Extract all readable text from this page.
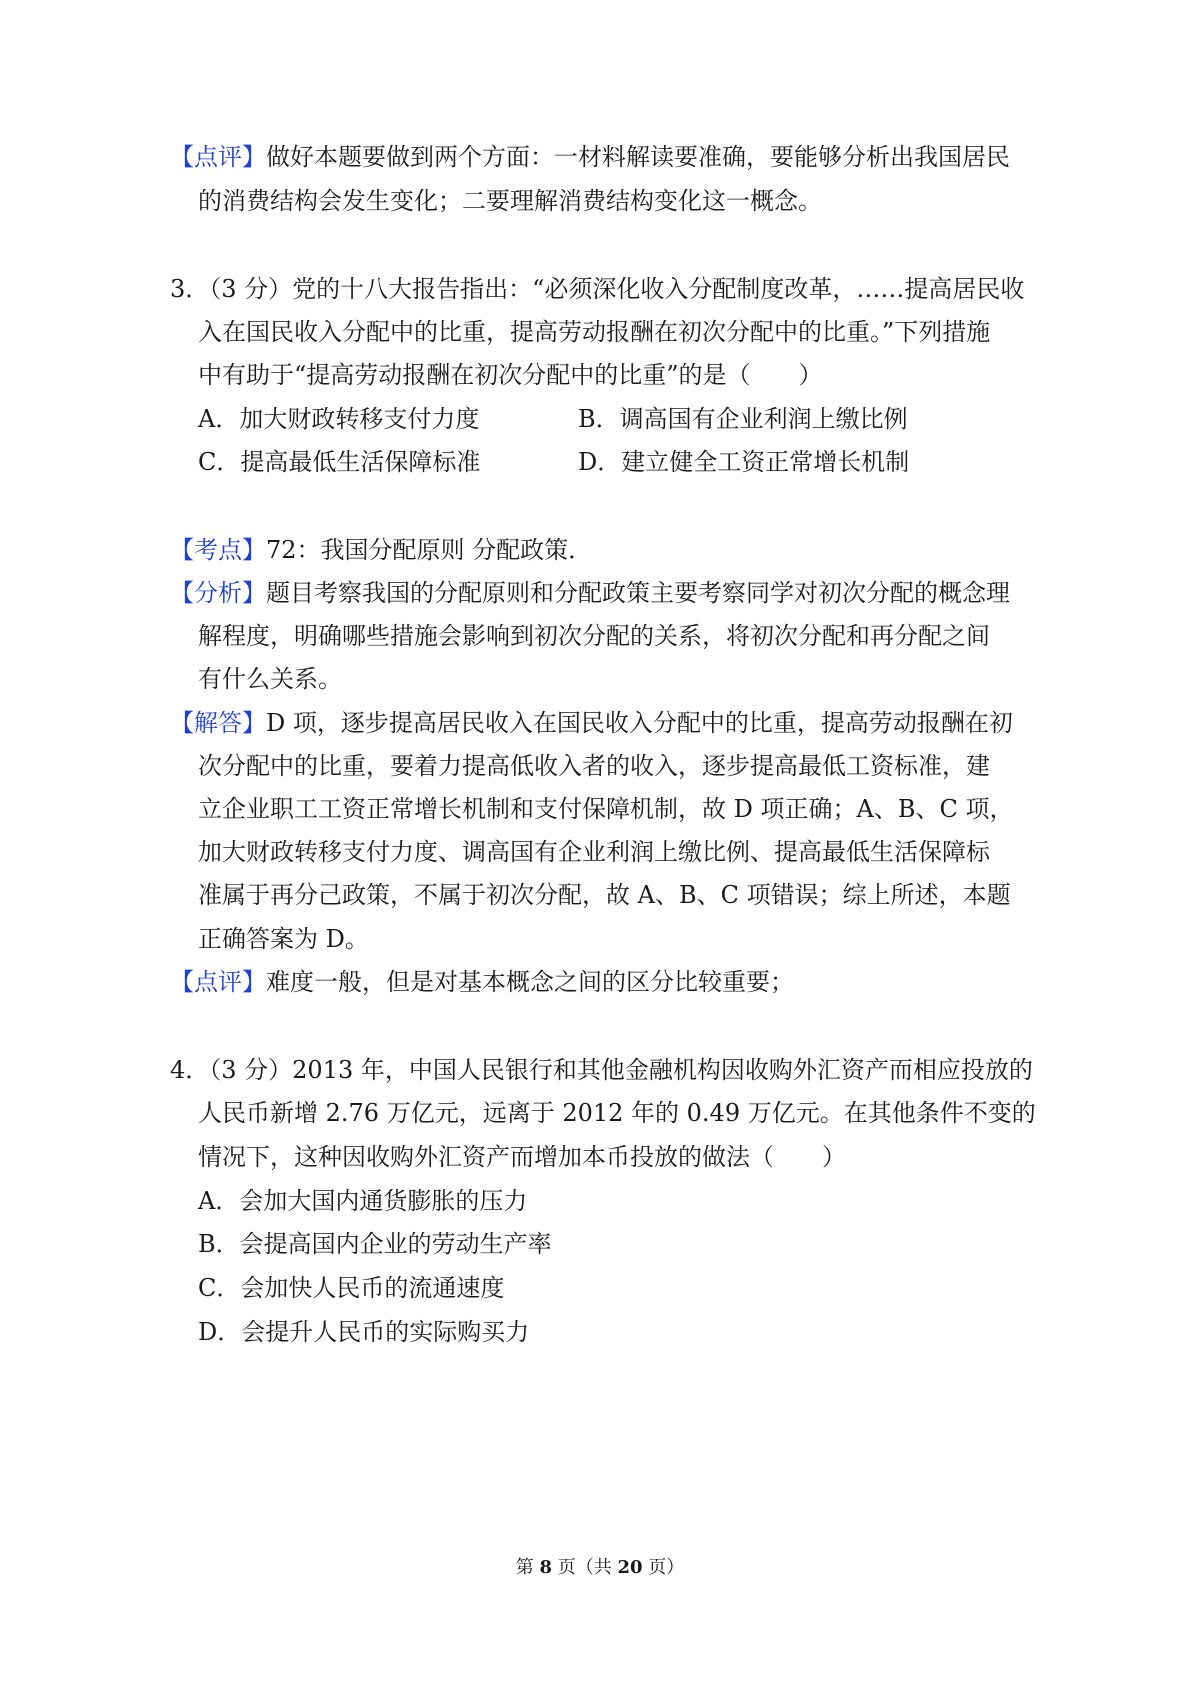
【点评】做好本题要做到两个方面：一材料解读要准确，要能够分析出我国居民
的消费结构会发生变化；二要理解消费结构变化这一概念。
3．（3 分）党的十八大报告指出：“必须深化收入分配制度改革，……提高居民收
入在国民收入分配中的比重，提高劳动报酬在初次分配中的比重。”下列措施
中有助于“提高劳动报酬在初次分配中的比重”的是（　　）
A．加大财政转移支付力度	B．调高国有企业利润上缴比例
C．提高最低生活保障标准	D．建立健全工资正常增长机制
【考点】72：我国分配原则 分配政策．
【分析】题目考察我国的分配原则和分配政策主要考察同学对初次分配的概念理
解程度，明确哪些措施会影响到初次分配的关系，将初次分配和再分配之间
有什么关系。
【解答】D 项，逐步提高居民收入在国民收入分配中的比重，提高劳动报酬在初
次分配中的比重，要着力提高低收入者的收入，逐步提高最低工资标准，建
立企业职工工资正常增长机制和支付保障机制，故 D 项正确；A、B、C 项，
加大财政转移支付力度、调高国有企业利润上缴比例、提高最低生活保障标
准属于再分己政策，不属于初次分配，故 A、B、C 项错误；综上所述，本题
正确答案为 D。
【点评】难度一般，但是对基本概念之间的区分比较重要；
4．（3 分）2013 年，中国人民银行和其他金融机构因收购外汇资产而相应投放的
人民币新增 2.76 万亿元，远离于 2012 年的 0.49 万亿元。在其他条件不变的
情况下，这种因收购外汇资产而增加本币投放的做法（　　）
A．会加大国内通货膨胀的压力
B．会提高国内企业的劳动生产率
C．会加快人民币的流通速度
D．会提升人民币的实际购买力
第 8 页（共 20 页）
